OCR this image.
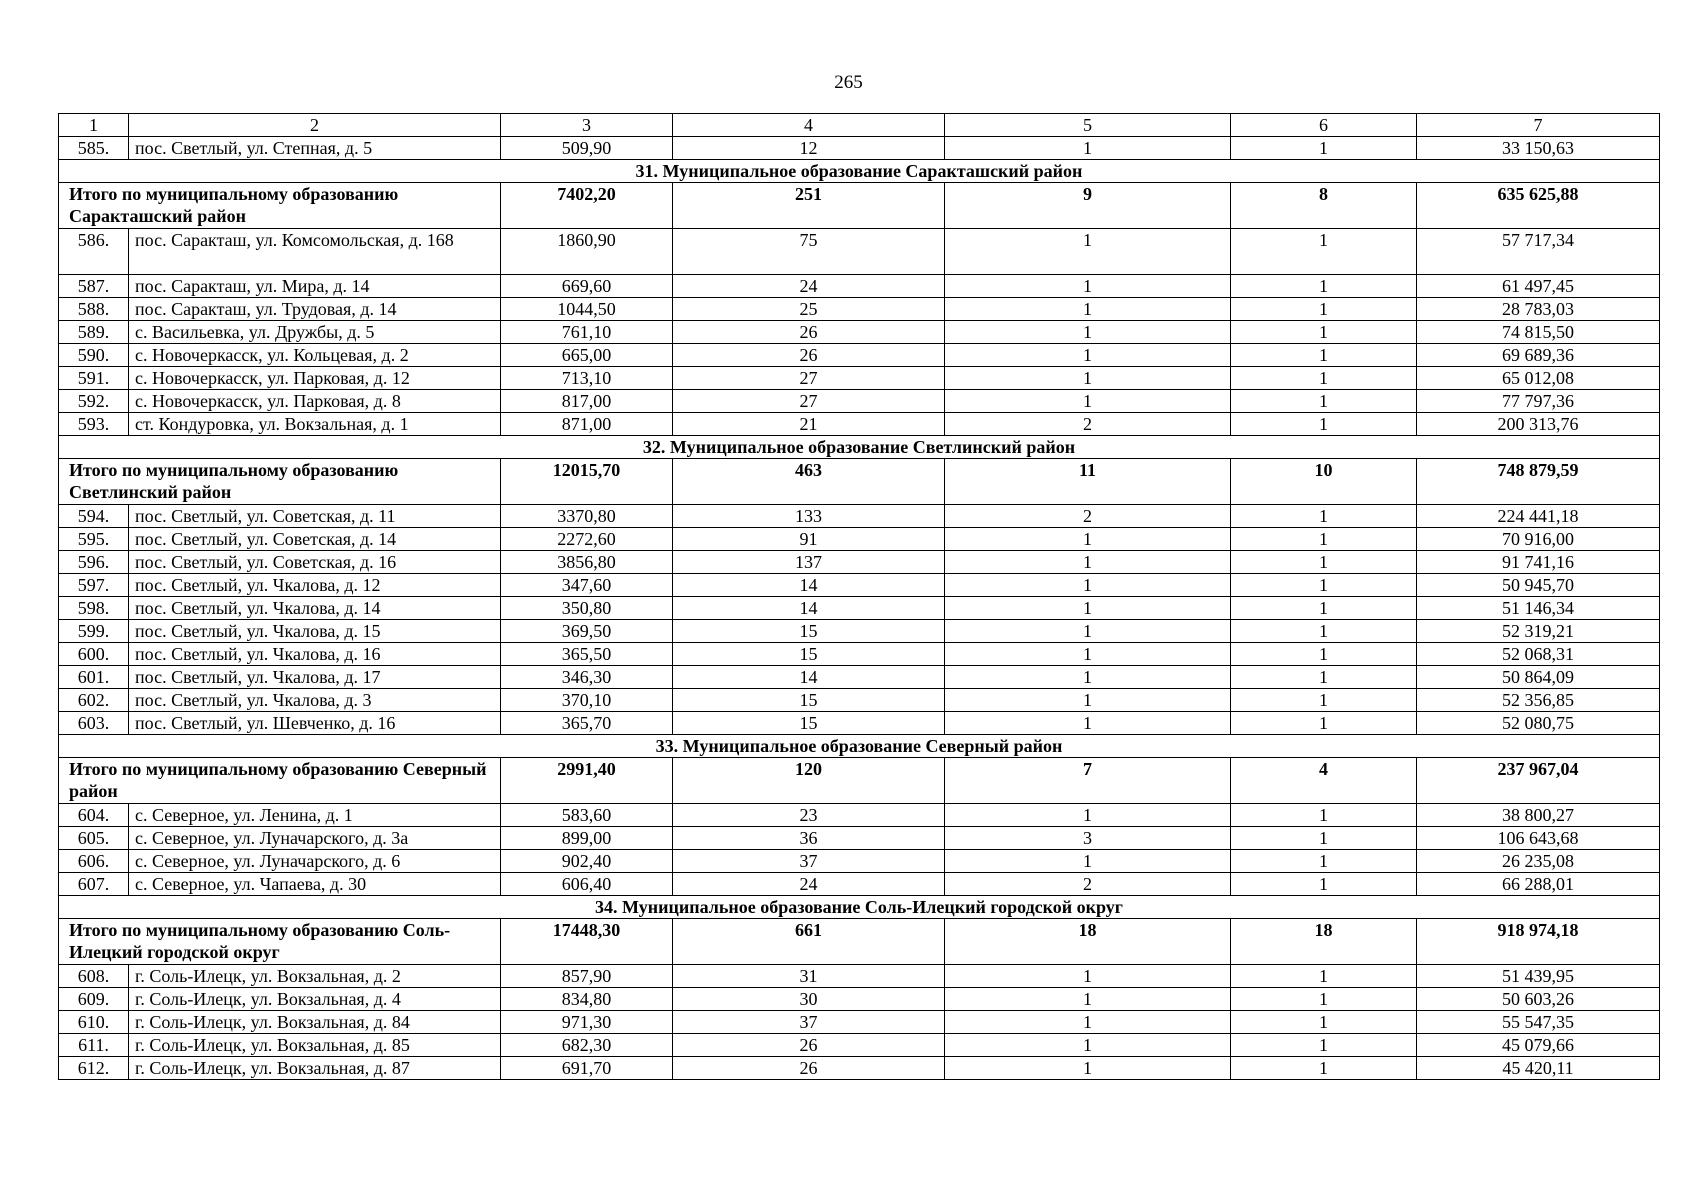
265
1	2	3	4	5	6	7
585.	пос. Светлый, ул. Степная, д. 5	509,90	12	1	1	33 150,63
31. Муниципальное образование Саракташский район						
Итого по муниципальному образованию Саракташский район		7402,20	251	9	8	635 625,88
586.	пос. Саракташ, ул. Комсомольская, д. 168	1860,90	75	1	1	57 717,34
587.	пос. Саракташ, ул. Мира, д. 14	669,60	24	1	1	61 497,45
588.	пос. Саракташ, ул. Трудовая, д. 14	1044,50	25	1	1	28 783,03
589.	с. Васильевка, ул. Дружбы, д. 5	761,10	26	1	1	74 815,50
590.	с. Новочеркасск, ул. Кольцевая, д. 2	665,00	26	1	1	69 689,36
591.	с. Новочеркасск, ул. Парковая, д. 12	713,10	27	1	1	65 012,08
592.	с. Новочеркасск, ул. Парковая, д. 8	817,00	27	1	1	77 797,36
593.	ст. Кондуровка, ул. Вокзальная, д. 1	871,00	21	2	1	200 313,76
32. Муниципальное образование Светлинский район						
Итого по муниципальному образованию Светлинский район		12015,70	463	11	10	748 879,59
594.	пос. Светлый, ул. Советская, д. 11	3370,80	133	2	1	224 441,18
595.	пос. Светлый, ул. Советская, д. 14	2272,60	91	1	1	70 916,00
596.	пос. Светлый, ул. Советская, д. 16	3856,80	137	1	1	91 741,16
597.	пос. Светлый, ул. Чкалова, д. 12	347,60	14	1	1	50 945,70
598.	пос. Светлый, ул. Чкалова, д. 14	350,80	14	1	1	51 146,34
599.	пос. Светлый, ул. Чкалова, д. 15	369,50	15	1	1	52 319,21
600.	пос. Светлый, ул. Чкалова, д. 16	365,50	15	1	1	52 068,31
601.	пос. Светлый, ул. Чкалова, д. 17	346,30	14	1	1	50 864,09
602.	пос. Светлый, ул. Чкалова, д. 3	370,10	15	1	1	52 356,85
603.	пос. Светлый, ул. Шевченко, д. 16	365,70	15	1	1	52 080,75
33. Муниципальное образование Северный район						
Итого по муниципальному образованию Северный район		2991,40	120	7	4	237 967,04
604.	с. Северное, ул. Ленина, д. 1	583,60	23	1	1	38 800,27
605.	с. Северное, ул. Луначарского, д. 3а	899,00	36	3	1	106 643,68
606.	с. Северное, ул. Луначарского, д. 6	902,40	37	1	1	26 235,08
607.	с. Северное, ул. Чапаева, д. 30	606,40	24	2	1	66 288,01
34. Муниципальное образование Соль-Илецкий городской округ						
Итого по муниципальному образованию Соль-Илецкий городской округ		17448,30	661	18	18	918 974,18
608.	г. Соль-Илецк, ул. Вокзальная, д. 2	857,90	31	1	1	51 439,95
609.	г. Соль-Илецк, ул. Вокзальная, д. 4	834,80	30	1	1	50 603,26
610.	г. Соль-Илецк, ул. Вокзальная, д. 84	971,30	37	1	1	55 547,35
611.	г. Соль-Илецк, ул. Вокзальная, д. 85	682,30	26	1	1	45 079,66
612.	г. Соль-Илецк, ул. Вокзальная, д. 87	691,70	26	1	1	45 420,11
